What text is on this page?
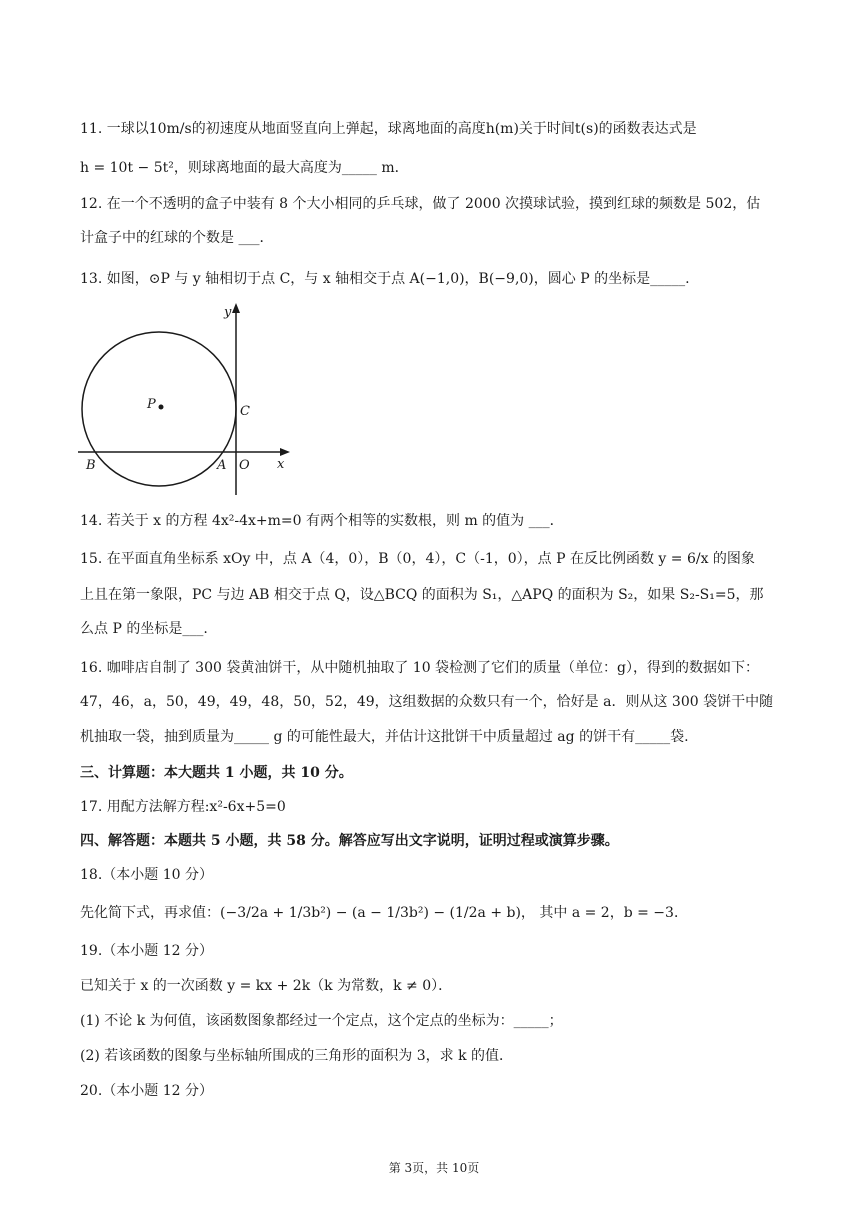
11. 一球以10m/s的初速度从地面竖直向上弹起，球离地面的高度h(m)关于时间t(s)的函数表达式是
h = 10t − 5t²，则球离地面的最大高度为_____ m．
12. 在一个不透明的盒子中装有 8 个大小相同的乒乓球，做了 2000 次摸球试验，摸到红球的频数是 502，估
计盒子中的红球的个数是 ___．
13. 如图，⊙P 与 y 轴相切于点 C，与 x 轴相交于点 A(−1,0)，B(−9,0)，圆心 P 的坐标是_____.
y
x
P	C
B	A O
14. 若关于 x 的方程 4x²-4x+m=0 有两个相等的实数根，则 m 的值为 ___．
15. 在平面直角坐标系 xOy 中，点 A（4，0），B（0，4），C（-1，0），点 P 在反比例函数 y = 6/x 的图象
上且在第一象限，PC 与边 AB 相交于点 Q，设△BCQ 的面积为 S₁，△APQ 的面积为 S₂，如果 S₂-S₁=5，那
么点 P 的坐标是___.
16. 咖啡店自制了 300 袋黄油饼干，从中随机抽取了 10 袋检测了它们的质量（单位：g），得到的数据如下：
47，46，a，50，49，49，48，50，52，49，这组数据的众数只有一个，恰好是 a．则从这 300 袋饼干中随
机抽取一袋，抽到质量为_____ g 的可能性最大，并估计这批饼干中质量超过 ag 的饼干有_____袋.
三、计算题：本大题共 1 小题，共 10 分。
17. 用配方法解方程:x²-6x+5=0
四、解答题：本题共 5 小题，共 58 分。解答应写出文字说明，证明过程或演算步骤。
18.（本小题 10 分）
先化简下式，再求值：(−3/2a + 1/3b²) − (a − 1/3b²) − (1/2a + b)， 其中 a = 2，b = −3．
19.（本小题 12 分）
已知关于 x 的一次函数 y = kx + 2k（k 为常数，k ≠ 0）．
(1) 不论 k 为何值，该函数图象都经过一个定点，这个定点的坐标为：_____；
(2) 若该函数的图象与坐标轴所围成的三角形的面积为 3，求 k 的值．
20.（本小题 12 分）
第 3页，共 10页
